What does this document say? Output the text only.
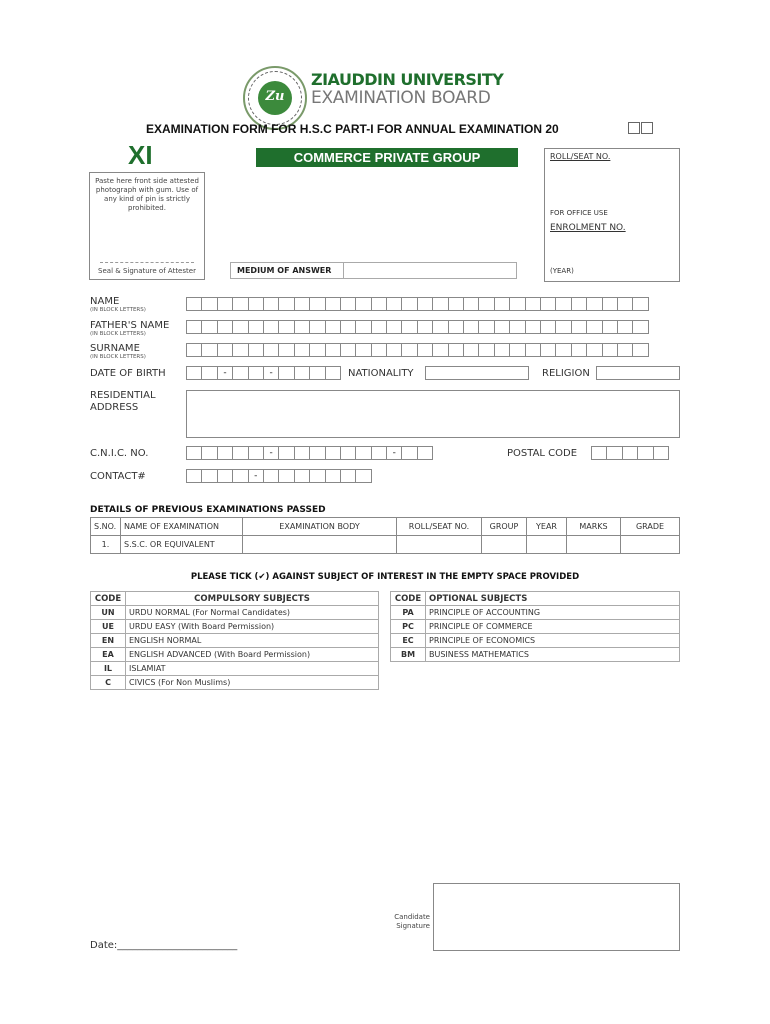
Zu
ZIAUDDIN UNIVERSITY
EXAMINATION BOARD
EXAMINATION FORM FOR H.S.C PART-I FOR ANNUAL EXAMINATION 20
XI	COMMERCE PRIVATE GROUP
Paste here front side attested photograph with gum. Use of any kind of pin is strictly prohibited.
Seal & Signature of Attester
ROLL/SEAT NO.
FOR OFFICE USE
ENROLMENT NO.
(YEAR)
MEDIUM OF ANSWER
NAME
(IN BLOCK LETTERS)
FATHER'S NAME
(IN BLOCK LETTERS)
SURNAME
(IN BLOCK LETTERS)
DATE OF BIRTH	-	-	NATIONALITY	RELIGION
RESIDENTIAL
ADDRESS
C.N.I.C. NO.	-	-	POSTAL CODE
CONTACT#	-
DETAILS OF PREVIOUS EXAMINATIONS PASSED
S.NO.	NAME OF EXAMINATION	EXAMINATION BODY	ROLL/SEAT NO.	GROUP	YEAR	MARKS	GRADE
1.	S.S.C. OR EQUIVALENT						
PLEASE TICK (✔) AGAINST SUBJECT OF INTEREST IN THE EMPTY SPACE PROVIDED
CODE	COMPULSORY SUBJECTS
UN	URDU NORMAL (For Normal Candidates)
UE	URDU EASY (With Board Permission)
EN	ENGLISH NORMAL
EA	ENGLISH ADVANCED (With Board Permission)
IL	ISLAMIAT
C	CIVICS (For Non Muslims)
CODE	OPTIONAL SUBJECTS
PA	PRINCIPLE OF ACCOUNTING
PC	PRINCIPLE OF COMMERCE
EC	PRINCIPLE OF ECONOMICS
BM	BUSINESS MATHEMATICS
Candidate
Signature
Date:________________________
